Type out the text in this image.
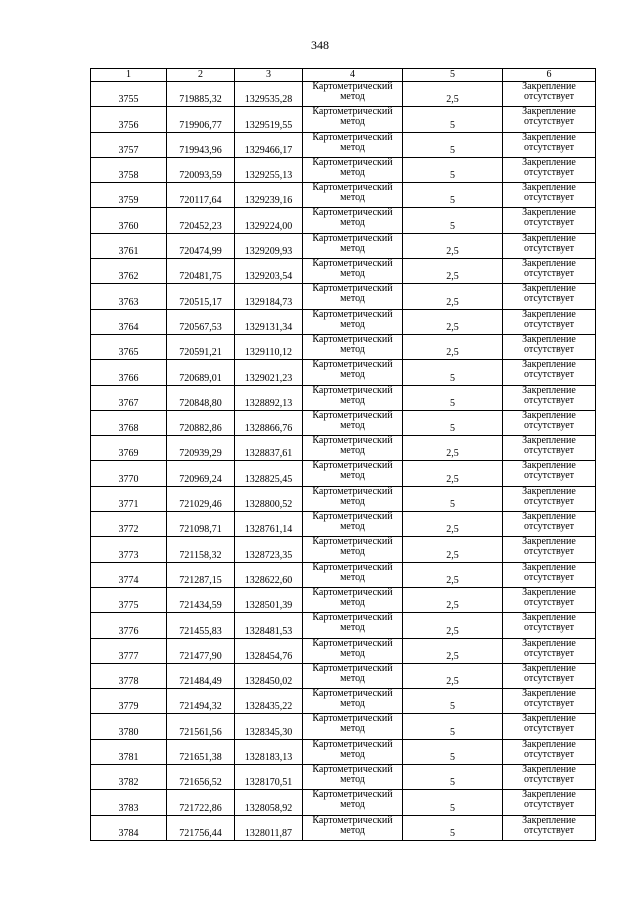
348
1	2	3	4	5	6
3755	719885,32	1329535,28	Картометрический
метод	2,5	Закрепление
отсутствует

3756	719906,77	1329519,55	Картометрический
метод	5	Закрепление
отсутствует

3757	719943,96	1329466,17	Картометрический
метод	5	Закрепление
отсутствует

3758	720093,59	1329255,13	Картометрический
метод	5	Закрепление
отсутствует

3759	720117,64	1329239,16	Картометрический
метод	5	Закрепление
отсутствует

3760	720452,23	1329224,00	Картометрический
метод	5	Закрепление
отсутствует

3761	720474,99	1329209,93	Картометрический
метод	2,5	Закрепление
отсутствует

3762	720481,75	1329203,54	Картометрический
метод	2,5	Закрепление
отсутствует

3763	720515,17	1329184,73	Картометрический
метод	2,5	Закрепление
отсутствует

3764	720567,53	1329131,34	Картометрический
метод	2,5	Закрепление
отсутствует

3765	720591,21	1329110,12	Картометрический
метод	2,5	Закрепление
отсутствует

3766	720689,01	1329021,23	Картометрический
метод	5	Закрепление
отсутствует

3767	720848,80	1328892,13	Картометрический
метод	5	Закрепление
отсутствует

3768	720882,86	1328866,76	Картометрический
метод	5	Закрепление
отсутствует

3769	720939,29	1328837,61	Картометрический
метод	2,5	Закрепление
отсутствует

3770	720969,24	1328825,45	Картометрический
метод	2,5	Закрепление
отсутствует

3771	721029,46	1328800,52	Картометрический
метод	5	Закрепление
отсутствует

3772	721098,71	1328761,14	Картометрический
метод	2,5	Закрепление
отсутствует

3773	721158,32	1328723,35	Картометрический
метод	2,5	Закрепление
отсутствует

3774	721287,15	1328622,60	Картометрический
метод	2,5	Закрепление
отсутствует

3775	721434,59	1328501,39	Картометрический
метод	2,5	Закрепление
отсутствует

3776	721455,83	1328481,53	Картометрический
метод	2,5	Закрепление
отсутствует

3777	721477,90	1328454,76	Картометрический
метод	2,5	Закрепление
отсутствует

3778	721484,49	1328450,02	Картометрический
метод	2,5	Закрепление
отсутствует

3779	721494,32	1328435,22	Картометрический
метод	5	Закрепление
отсутствует

3780	721561,56	1328345,30	Картометрический
метод	5	Закрепление
отсутствует

3781	721651,38	1328183,13	Картометрический
метод	5	Закрепление
отсутствует

3782	721656,52	1328170,51	Картометрический
метод	5	Закрепление
отсутствует

3783	721722,86	1328058,92	Картометрический
метод	5	Закрепление
отсутствует

3784	721756,44	1328011,87	Картометрический
метод	5	Закрепление
отсутствует
